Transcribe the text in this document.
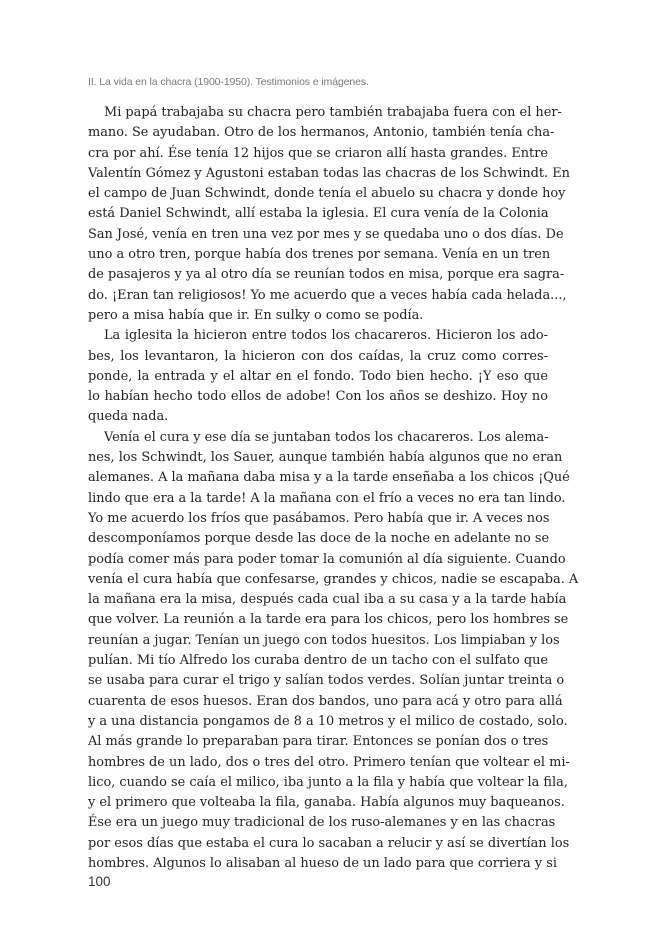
II. La vida en la chacra (1900-1950). Testimonios e imágenes.
Mi papá trabajaba su chacra pero también trabajaba fuera con el her-
mano. Se ayudaban. Otro de los hermanos, Antonio, también tenía cha-
cra por ahí. Ése tenía 12 hijos que se criaron allí hasta grandes. Entre
Valentín Gómez y Agustoni estaban todas las chacras de los Schwindt. En
el campo de Juan Schwindt, donde tenía el abuelo su chacra y donde hoy
está Daniel Schwindt, allí estaba la iglesia. El cura venía de la Colonia
San José, venía en tren una vez por mes y se quedaba uno o dos días. De
uno a otro tren, porque había dos trenes por semana. Venía en un tren
de pasajeros y ya al otro día se reunían todos en misa, porque era sagra-
do. ¡Eran tan religiosos! Yo me acuerdo que a veces había cada helada...,
pero a misa había que ir. En sulky o como se podía.
La iglesita la hicieron entre todos los chacareros. Hicieron los ado-
bes, los levantaron, la hicieron con dos caídas, la cruz como corres-
ponde, la entrada y el altar en el fondo. Todo bien hecho. ¡Y eso que
lo habían hecho todo ellos de adobe! Con los años se deshizo. Hoy no
queda nada.
Venía el cura y ese día se juntaban todos los chacareros. Los alema-
nes, los Schwindt, los Sauer, aunque también había algunos que no eran
alemanes. A la mañana daba misa y a la tarde enseñaba a los chicos ¡Qué
lindo que era a la tarde! A la mañana con el frío a veces no era tan lindo.
Yo me acuerdo los fríos que pasábamos. Pero había que ir. A veces nos
descomponíamos porque desde las doce de la noche en adelante no se
podía comer más para poder tomar la comunión al día siguiente. Cuando
venía el cura había que confesarse, grandes y chicos, nadie se escapaba. A
la mañana era la misa, después cada cual iba a su casa y a la tarde había
que volver. La reunión a la tarde era para los chicos, pero los hombres se
reunían a jugar. Tenían un juego con todos huesitos. Los limpiaban y los
pulían. Mi tío Alfredo los curaba dentro de un tacho con el sulfato que
se usaba para curar el trigo y salían todos verdes. Solían juntar treinta o
cuarenta de esos huesos. Eran dos bandos, uno para acá y otro para allá
y a una distancia pongamos de 8 a 10 metros y el milico de costado, solo.
Al más grande lo preparaban para tirar. Entonces se ponían dos o tres
hombres de un lado, dos o tres del otro. Primero tenían que voltear el mi-
lico, cuando se caía el milico, iba junto a la fila y había que voltear la fila,
y el primero que volteaba la fila, ganaba. Había algunos muy baqueanos.
Ése era un juego muy tradicional de los ruso-alemanes y en las chacras
por esos días que estaba el cura lo sacaban a relucir y así se divertían los
hombres. Algunos lo alisaban al hueso de un lado para que corriera y si
100
